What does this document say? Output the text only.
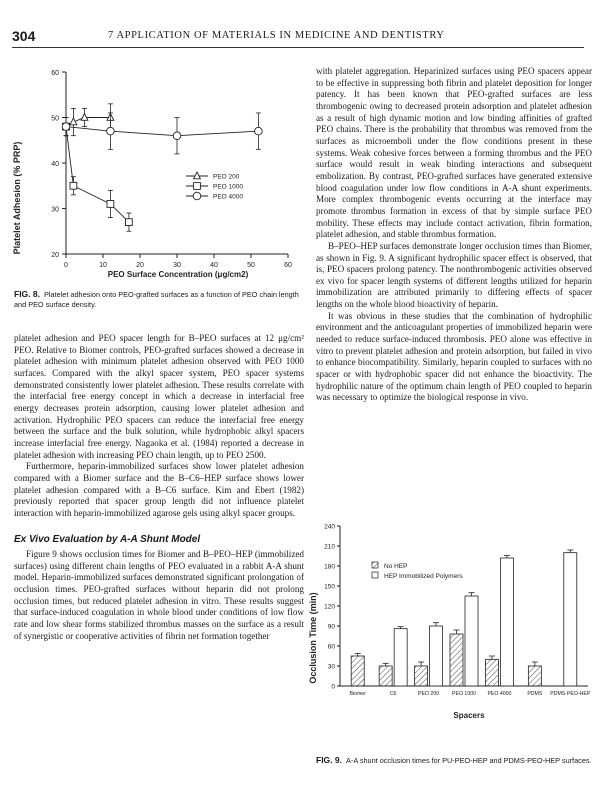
304	7 APPLICATION OF MATERIALS IN MEDICINE AND DENTISTRY
20
30
40
50
60
0	10	20	30	40	50	60
PEO 200
PEO 1000
PEO 4000
Platelet Adhesion (% PRP)
PEO Surface Concentration (μg/cm2)
FIG. 8. Platelet adhesion onto PEO-grafted surfaces as a function of PEO chain length and PEO surface density.

platelet adhesion and PEO spacer length for B–PEO surfaces at 12 μg/cm² PEO. Relative to Biomer controls, PEO-grafted surfaces showed a decrease in platelet adhesion with minimum platelet adhesion observed with PEO 1000 surfaces. Compared with the alkyl spacer system, PEO spacer systems demonstrated consistently lower platelet adhesion. These results correlate with the interfacial free energy concept in which a decrease in interfacial free energy decreases protein adsorption, causing lower platelet adhesion and activation. Hydrophilic PEO spacers can reduce the interfacial free energy between the surface and the bulk solution, while hydrophobic alkyl spacers increase interfacial free energy. Nagaoka et al. (1984) reported a decrease in platelet adhesion with increasing PEO chain length, up to PEO 2500.

Furthermore, heparin-immobilized surfaces show lower platelet adhesion compared with a Biomer surface and the B–C6–HEP surface shows lower platelet adhesion compared with a B–C6 surface. Kim and Ebert (1982) previously reported that spacer group length did not influence platelet interaction with heparin-immobilized agarose gels using alkyl spacer groups.

Ex Vivo Evaluation by A-A Shunt Model

Figure 9 shows occlusion times for Biomer and B–PEO–HEP (immobilized surfaces) using different chain lengths of PEO evaluated in a rabbit A-A shunt model. Heparin-immobilized surfaces demonstrated significant prolongation of occlusion times. PEO-grafted surfaces without heparin did not prolong occlusion times, but reduced platelet adhesion in vitro. These results suggest that surface-induced coagulation in whole blood under conditions of low flow rate and low shear forms stabilized thrombus masses on the surface as a result of synergistic or cooperative activities of fibrin net formation together

with platelet aggregation. Heparinized surfaces using PEO spacers appear to be effective in suppressing both fibrin and platelet deposition for longer patency. It has been known that PEO-grafted surfaces are less thrombogenic owing to decreased protein adsorption and platelet adhesion as a result of high dynamic motion and low binding affinities of grafted PEO chains. There is the probability that thrombus was removed from the surfaces as microemboli under the flow conditions present in these systems. Weak cohesive forces between a forming thrombus and the PEO surface would result in weak binding interactions and subsequent embolization. By contrast, PEO-grafted surfaces have generated extensive blood coagulation under low flow conditions in A-A shunt experiments. More complex thrombogenic events occurring at the interface may promote thrombus formation in excess of that by simple surface PEO mobility. These effects may include contact activation, fibrin formation, platelet adhesion, and stable thrombus formation.

B–PEO–HEP surfaces demonstrate longer occlusion times than Biomer, as shown in Fig. 9. A significant hydrophilic spacer effect is observed, that is, PEO spacers prolong patency. The nonthrombogenic activities observed ex vivo for spacer length systems of different lengths utilized for heparin immobilization are attributed primarily to differing effects of spacer lengths on the whole blood bioactivity of heparin.

It was obvious in these studies that the combination of hydrophilic environment and the anticoagulant properties of immobilized heparin were needed to reduce surface-induced thrombosis. PEO alone was effective in vitro to prevent platelet adhesion and protein adsorption, but failed in vivo to enhance biocompatibility. Similarly, heparin coupled to surfaces with no spacer or with hydrophobic spacer did not enhance the bioactivity. The hydrophilic nature of the optimum chain length of PEO coupled to heparin was necessary to optimize the biological response in vivo.

0
30
60
90
120
150
180
210
240
Biomer	C6	PEO 200 PEO 1000 PEO 4000	PDMS PDMS-PEO-HEP
Occlusion Time (min)
Spacers
No HEP
HEP Immobilized Polymers
FIG. 9. A-A shunt occlusion times for PU-PEO-HEP and PDMS-PEO-HEP surfaces.
